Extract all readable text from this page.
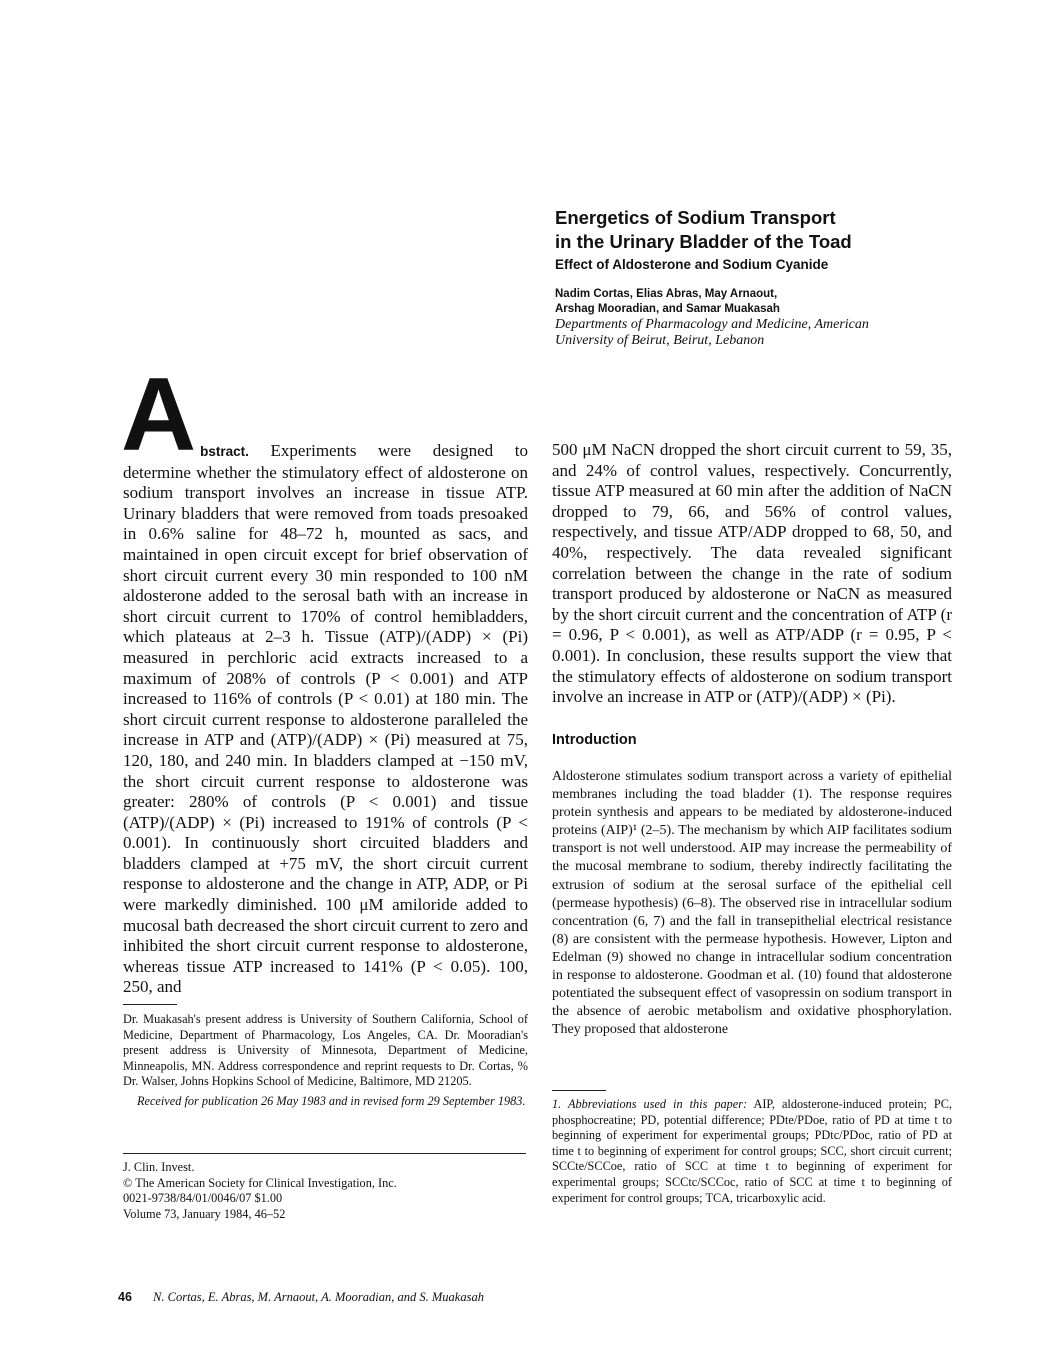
Energetics of Sodium Transport
in the Urinary Bladder of the Toad
Effect of Aldosterone and Sodium Cyanide
Nadim Cortas, Elias Abras, May Arnaout,
Arshag Mooradian, and Samar Muakasah
Departments of Pharmacology and Medicine, American
University of Beirut, Beirut, Lebanon
Abstract. Experiments were designed to determine whether the stimulatory effect of aldosterone on sodium transport involves an increase in tissue ATP. Urinary bladders that were removed from toads presoaked in 0.6% saline for 48–72 h, mounted as sacs, and maintained in open circuit except for brief observation of short circuit current every 30 min responded to 100 nM aldosterone added to the serosal bath with an increase in short circuit current to 170% of control hemibladders, which plateaus at 2–3 h. Tissue (ATP)/(ADP) × (Pi) measured in perchloric acid extracts increased to a maximum of 208% of controls (P < 0.001) and ATP increased to 116% of controls (P < 0.01) at 180 min. The short circuit current response to aldosterone paralleled the increase in ATP and (ATP)/(ADP) × (Pi) measured at 75, 120, 180, and 240 min. In bladders clamped at −150 mV, the short circuit current response to aldosterone was greater: 280% of controls (P < 0.001) and tissue (ATP)/(ADP) × (Pi) increased to 191% of controls (P < 0.001). In continuously short circuited bladders and bladders clamped at +75 mV, the short circuit current response to aldosterone and the change in ATP, ADP, or Pi were markedly diminished. 100 μM amiloride added to mucosal bath decreased the short circuit current to zero and inhibited the short circuit current response to aldosterone, whereas tissue ATP increased to 141% (P < 0.05). 100, 250, and
500 μM NaCN dropped the short circuit current to 59, 35, and 24% of control values, respectively. Concurrently, tissue ATP measured at 60 min after the addition of NaCN dropped to 79, 66, and 56% of control values, respectively, and tissue ATP/ADP dropped to 68, 50, and 40%, respectively. The data revealed significant correlation between the change in the rate of sodium transport produced by aldosterone or NaCN as measured by the short circuit current and the concentration of ATP (r = 0.96, P < 0.001), as well as ATP/ADP (r = 0.95, P < 0.001). In conclusion, these results support the view that the stimulatory effects of aldosterone on sodium transport involve an increase in ATP or (ATP)/(ADP) × (Pi).
Introduction
Aldosterone stimulates sodium transport across a variety of epithelial membranes including the toad bladder (1). The response requires protein synthesis and appears to be mediated by aldosterone-induced proteins (AIP)¹ (2–5). The mechanism by which AIP facilitates sodium transport is not well understood. AIP may increase the permeability of the mucosal membrane to sodium, thereby indirectly facilitating the extrusion of sodium at the serosal surface of the epithelial cell (permease hypothesis) (6–8). The observed rise in intracellular sodium concentration (6, 7) and the fall in transepithelial electrical resistance (8) are consistent with the permease hypothesis. However, Lipton and Edelman (9) showed no change in intracellular sodium concentration in response to aldosterone. Goodman et al. (10) found that aldosterone potentiated the subsequent effect of vasopressin on sodium transport in the absence of aerobic metabolism and oxidative phosphorylation. They proposed that aldosterone

Dr. Muakasah's present address is University of Southern California, School of Medicine, Department of Pharmacology, Los Angeles, CA. Dr. Mooradian's present address is University of Minnesota, Department of Medicine, Minneapolis, MN. Address correspondence and reprint requests to Dr. Cortas, % Dr. Walser, Johns Hopkins School of Medicine, Baltimore, MD 21205.

Received for publication 26 May 1983 and in revised form 29 September 1983.

J. Clin. Invest.
© The American Society for Clinical Investigation, Inc.
0021-9738/84/01/0046/07 $1.00
Volume 73, January 1984, 46–52
1. Abbreviations used in this paper: AIP, aldosterone-induced protein; PC, phosphocreatine; PD, potential difference; PDte/PDoe, ratio of PD at time t to beginning of experiment for experimental groups; PDtc/PDoc, ratio of PD at time t to beginning of experiment for control groups; SCC, short circuit current; SCCte/SCCoe, ratio of SCC at time t to beginning of experiment for experimental groups; SCCtc/SCCoc, ratio of SCC at time t to beginning of experiment for control groups; TCA, tricarboxylic acid.
46 N. Cortas, E. Abras, M. Arnaout, A. Mooradian, and S. Muakasah
